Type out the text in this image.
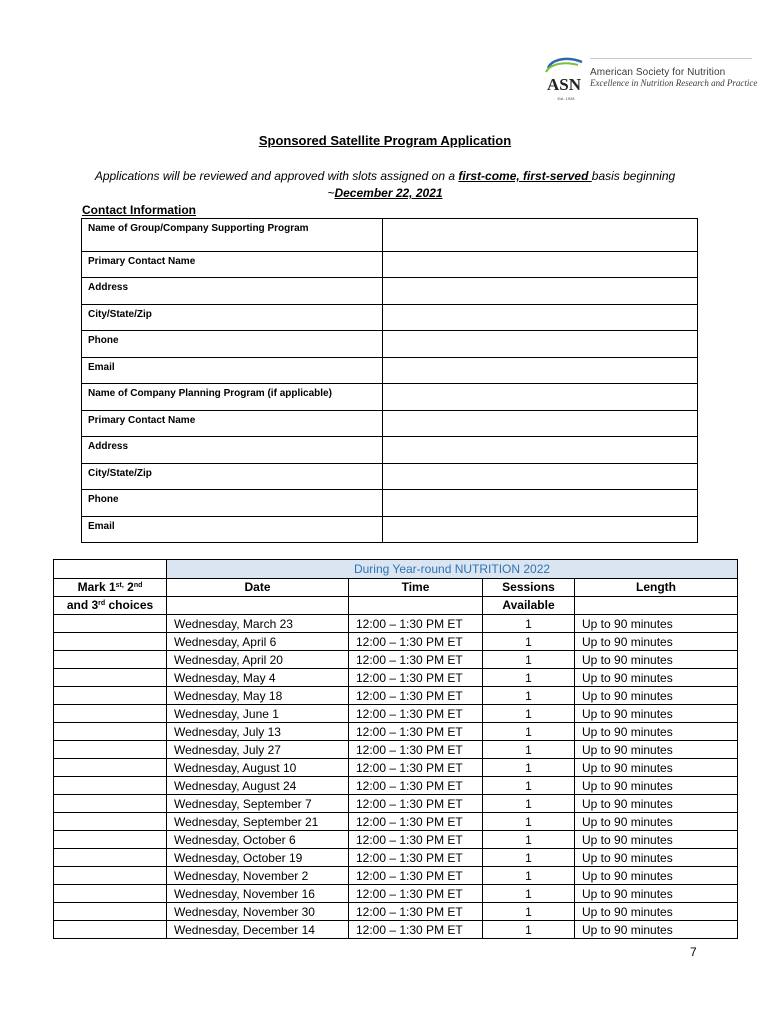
ASN
Est. 1928
American Society for Nutrition
Excellence in Nutrition Research and Practice
Sponsored Satellite Program Application
Applications will be reviewed and approved with slots assigned on a first-come, first-served basis beginning ~December 22, 2021
Contact Information
Name of Group/Company Supporting Program	
Primary Contact Name	
Address	
City/State/Zip	
Phone	
Email	
Name of Company Planning Program (if applicable)	
Primary Contact Name	
Address	
City/State/Zip	
Phone	
Email	
	During Year-round NUTRITION 2022			
Mark $1^{st,}$ 2nd	Date	Time	Sessions	Length
and 3rd choices			Available	
	Wednesday, March 23	12:00 – 1:30 PM ET	1	Up to 90 minutes
	Wednesday, April 6	12:00 – 1:30 PM ET	1	Up to 90 minutes
	Wednesday, April 20	12:00 – 1:30 PM ET	1	Up to 90 minutes
	Wednesday, May 4	12:00 – 1:30 PM ET	1	Up to 90 minutes
	Wednesday, May 18	12:00 – 1:30 PM ET	1	Up to 90 minutes
	Wednesday, June 1	12:00 – 1:30 PM ET	1	Up to 90 minutes
	Wednesday, July 13	12:00 – 1:30 PM ET	1	Up to 90 minutes
	Wednesday, July 27	12:00 – 1:30 PM ET	1	Up to 90 minutes
	Wednesday, August 10	12:00 – 1:30 PM ET	1	Up to 90 minutes
	Wednesday, August 24	12:00 – 1:30 PM ET	1	Up to 90 minutes
	Wednesday, September 7	12:00 – 1:30 PM ET	1	Up to 90 minutes
	Wednesday, September 21	12:00 – 1:30 PM ET	1	Up to 90 minutes
	Wednesday, October 6	12:00 – 1:30 PM ET	1	Up to 90 minutes
	Wednesday, October 19	12:00 – 1:30 PM ET	1	Up to 90 minutes
	Wednesday, November 2	12:00 – 1:30 PM ET	1	Up to 90 minutes
	Wednesday, November 16	12:00 – 1:30 PM ET	1	Up to 90 minutes
	Wednesday, November 30	12:00 – 1:30 PM ET	1	Up to 90 minutes
	Wednesday, December 14	12:00 – 1:30 PM ET	1	Up to 90 minutes
7
